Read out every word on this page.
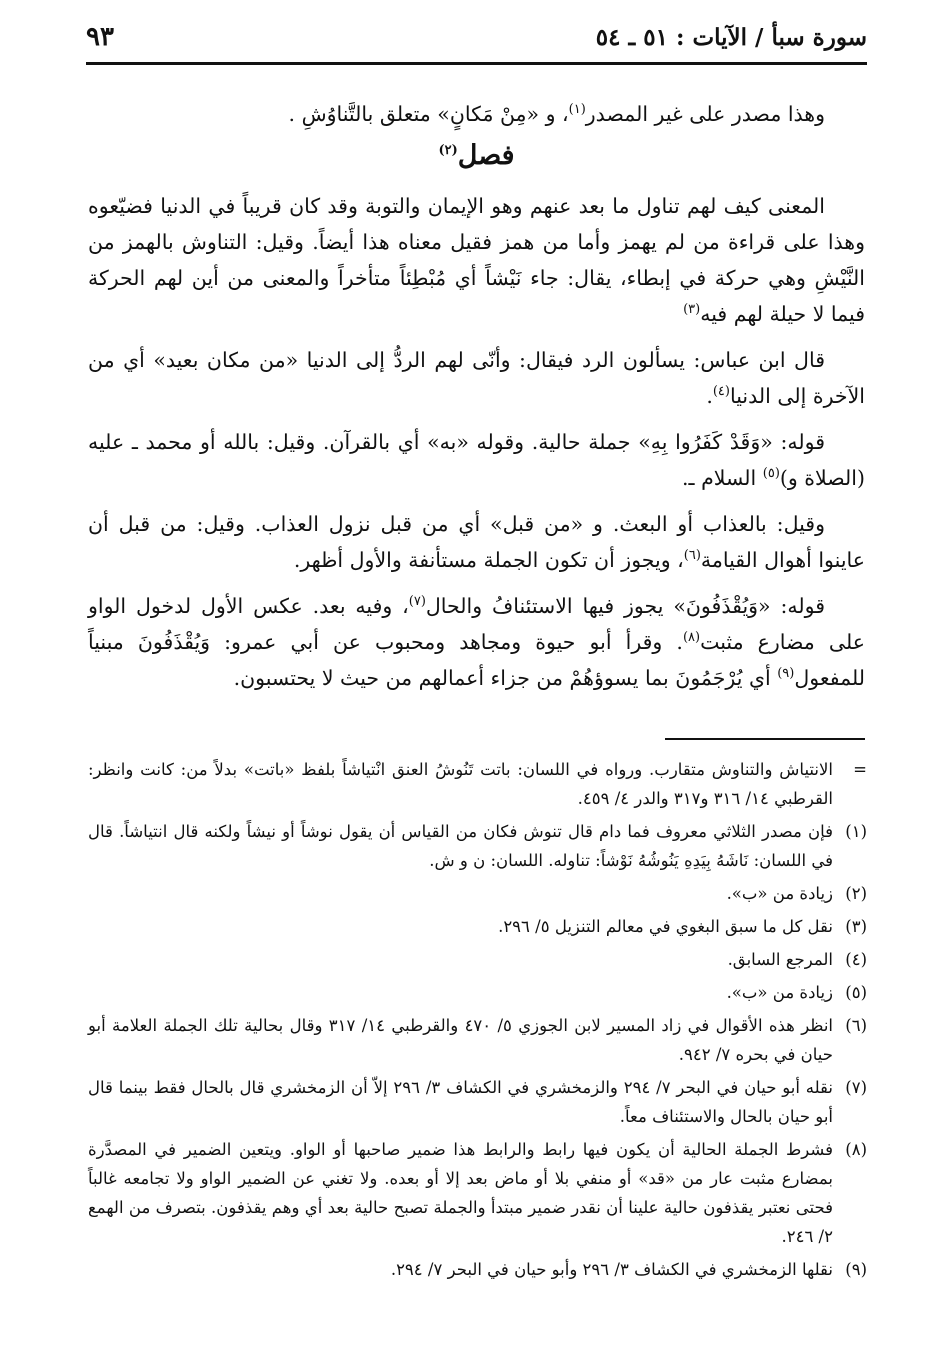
سورة سبأ / الآيات : ٥١ ـ ٥٤
٩٣

وهذا مصدر على غير المصدر$^{(١)}$، و «مِنْ مَكانٍ» متعلق بالتَّناوُشِ .

فصل$^{(٢)}$

المعنى كيف لهم تناول ما بعد عنهم وهو الإيمان والتوبة وقد كان قريباً في الدنيا فضيّعوه وهذا على قراءة من لم يهمز وأما من همز فقيل معناه هذا أيضاً. وقيل: التناوش بالهمز من النَّيْشِ وهي حركة في إبطاء، يقال: جاء نَيْشاً أي مُبْطِئاً متأخراً والمعنى من أين لهم الحركة فيما لا حيلة لهم فيه$^{(٣)}$

قال ابن عباس: يسألون الرد فيقال: وأنّى لهم الردُّ إلى الدنيا «من مكان بعيد» أي من الآخرة إلى الدنيا$^{(٤)}$.

قوله: «وَقَدْ كَفَرُوا بِهِ» جملة حالية. وقوله «به» أي بالقرآن. وقيل: بالله أو محمد ـ عليه (الصلاة و)$^{(٥)}$ السلام ـ.

وقيل: بالعذاب أو البعث. و «من قبل» أي من قبل نزول العذاب. وقيل: من قبل أن عاينوا أهوال القيامة$^{(٦)}$، ويجوز أن تكون الجملة مستأنفة والأول أظهر.

قوله: «وَيُقْذَفُونَ» يجوز فيها الاستئنافُ والحال$^{(٧)}$، وفيه بعد. عكس الأول لدخول الواو على مضارع مثبت$^{(٨)}$. وقرأ أبو حيوة ومجاهد ومحبوب عن أبي عمرو: وَيُقْذَفُونَ مبنياً للمفعول$^{(٩)}$ أي يُرْجَمُونَ بما يسوؤهُمْ من جزاء أعمالهم من حيث لا يحتسبون.

=
الانتياش والتناوش متقارب. ورواه في اللسان: باتت تَنُوشُ العنق انْتياشاً بلفظ «باتت» بدلاً من: كانت وانظر: القرطبي ١٤/ ٣١٦ و٣١٧ والدر ٤/ ٤٥٩.
(١)
فإن مصدر الثلاثي معروف فما دام قال تنوش فكان من القياس أن يقول نوشاً أو نيشاً ولكنه قال انتياشاً. قال في اللسان: نَاشَهُ بِيَدِهِ يَنُوشُهُ نَوْشاً: تناوله. اللسان: ن و ش.
(٢)
زيادة من «ب».
(٣)
نقل كل ما سبق البغوي في معالم التنزيل ٥/ ٢٩٦.
(٤)
المرجع السابق.
(٥)
زيادة من «ب».
(٦)
انظر هذه الأقوال في زاد المسير لابن الجوزي ٥/ ٤٧٠ والقرطبي ١٤/ ٣١٧ وقال بحالية تلك الجملة العلامة أبو حيان في بحره ٧/ ٩٤٢.
(٧)
نقله أبو حيان في البحر ٧/ ٢٩٤ والزمخشري في الكشاف ٣/ ٢٩٦ إلاّ أن الزمخشري قال بالحال فقط بينما قال أبو حيان بالحال والاستئناف معاً.
(٨)
فشرط الجملة الحالية أن يكون فيها رابط والرابط هذا ضمير صاحبها أو الواو. ويتعين الضمير في المصدَّرة بمضارع مثبت عار من «قد» أو منفي بلا أو ماض بعد إلا أو بعده. ولا تغني عن الضمير الواو ولا تجامعه غالباً فحتى نعتبر يقذفون حالية علينا أن نقدر ضمير مبتدأ والجملة تصبح حالية بعد أي وهم يقذفون. بتصرف من الهمع ٢/ ٢٤٦.
(٩)
نقلها الزمخشري في الكشاف ٣/ ٢٩٦ وأبو حيان في البحر ٧/ ٢٩٤.
